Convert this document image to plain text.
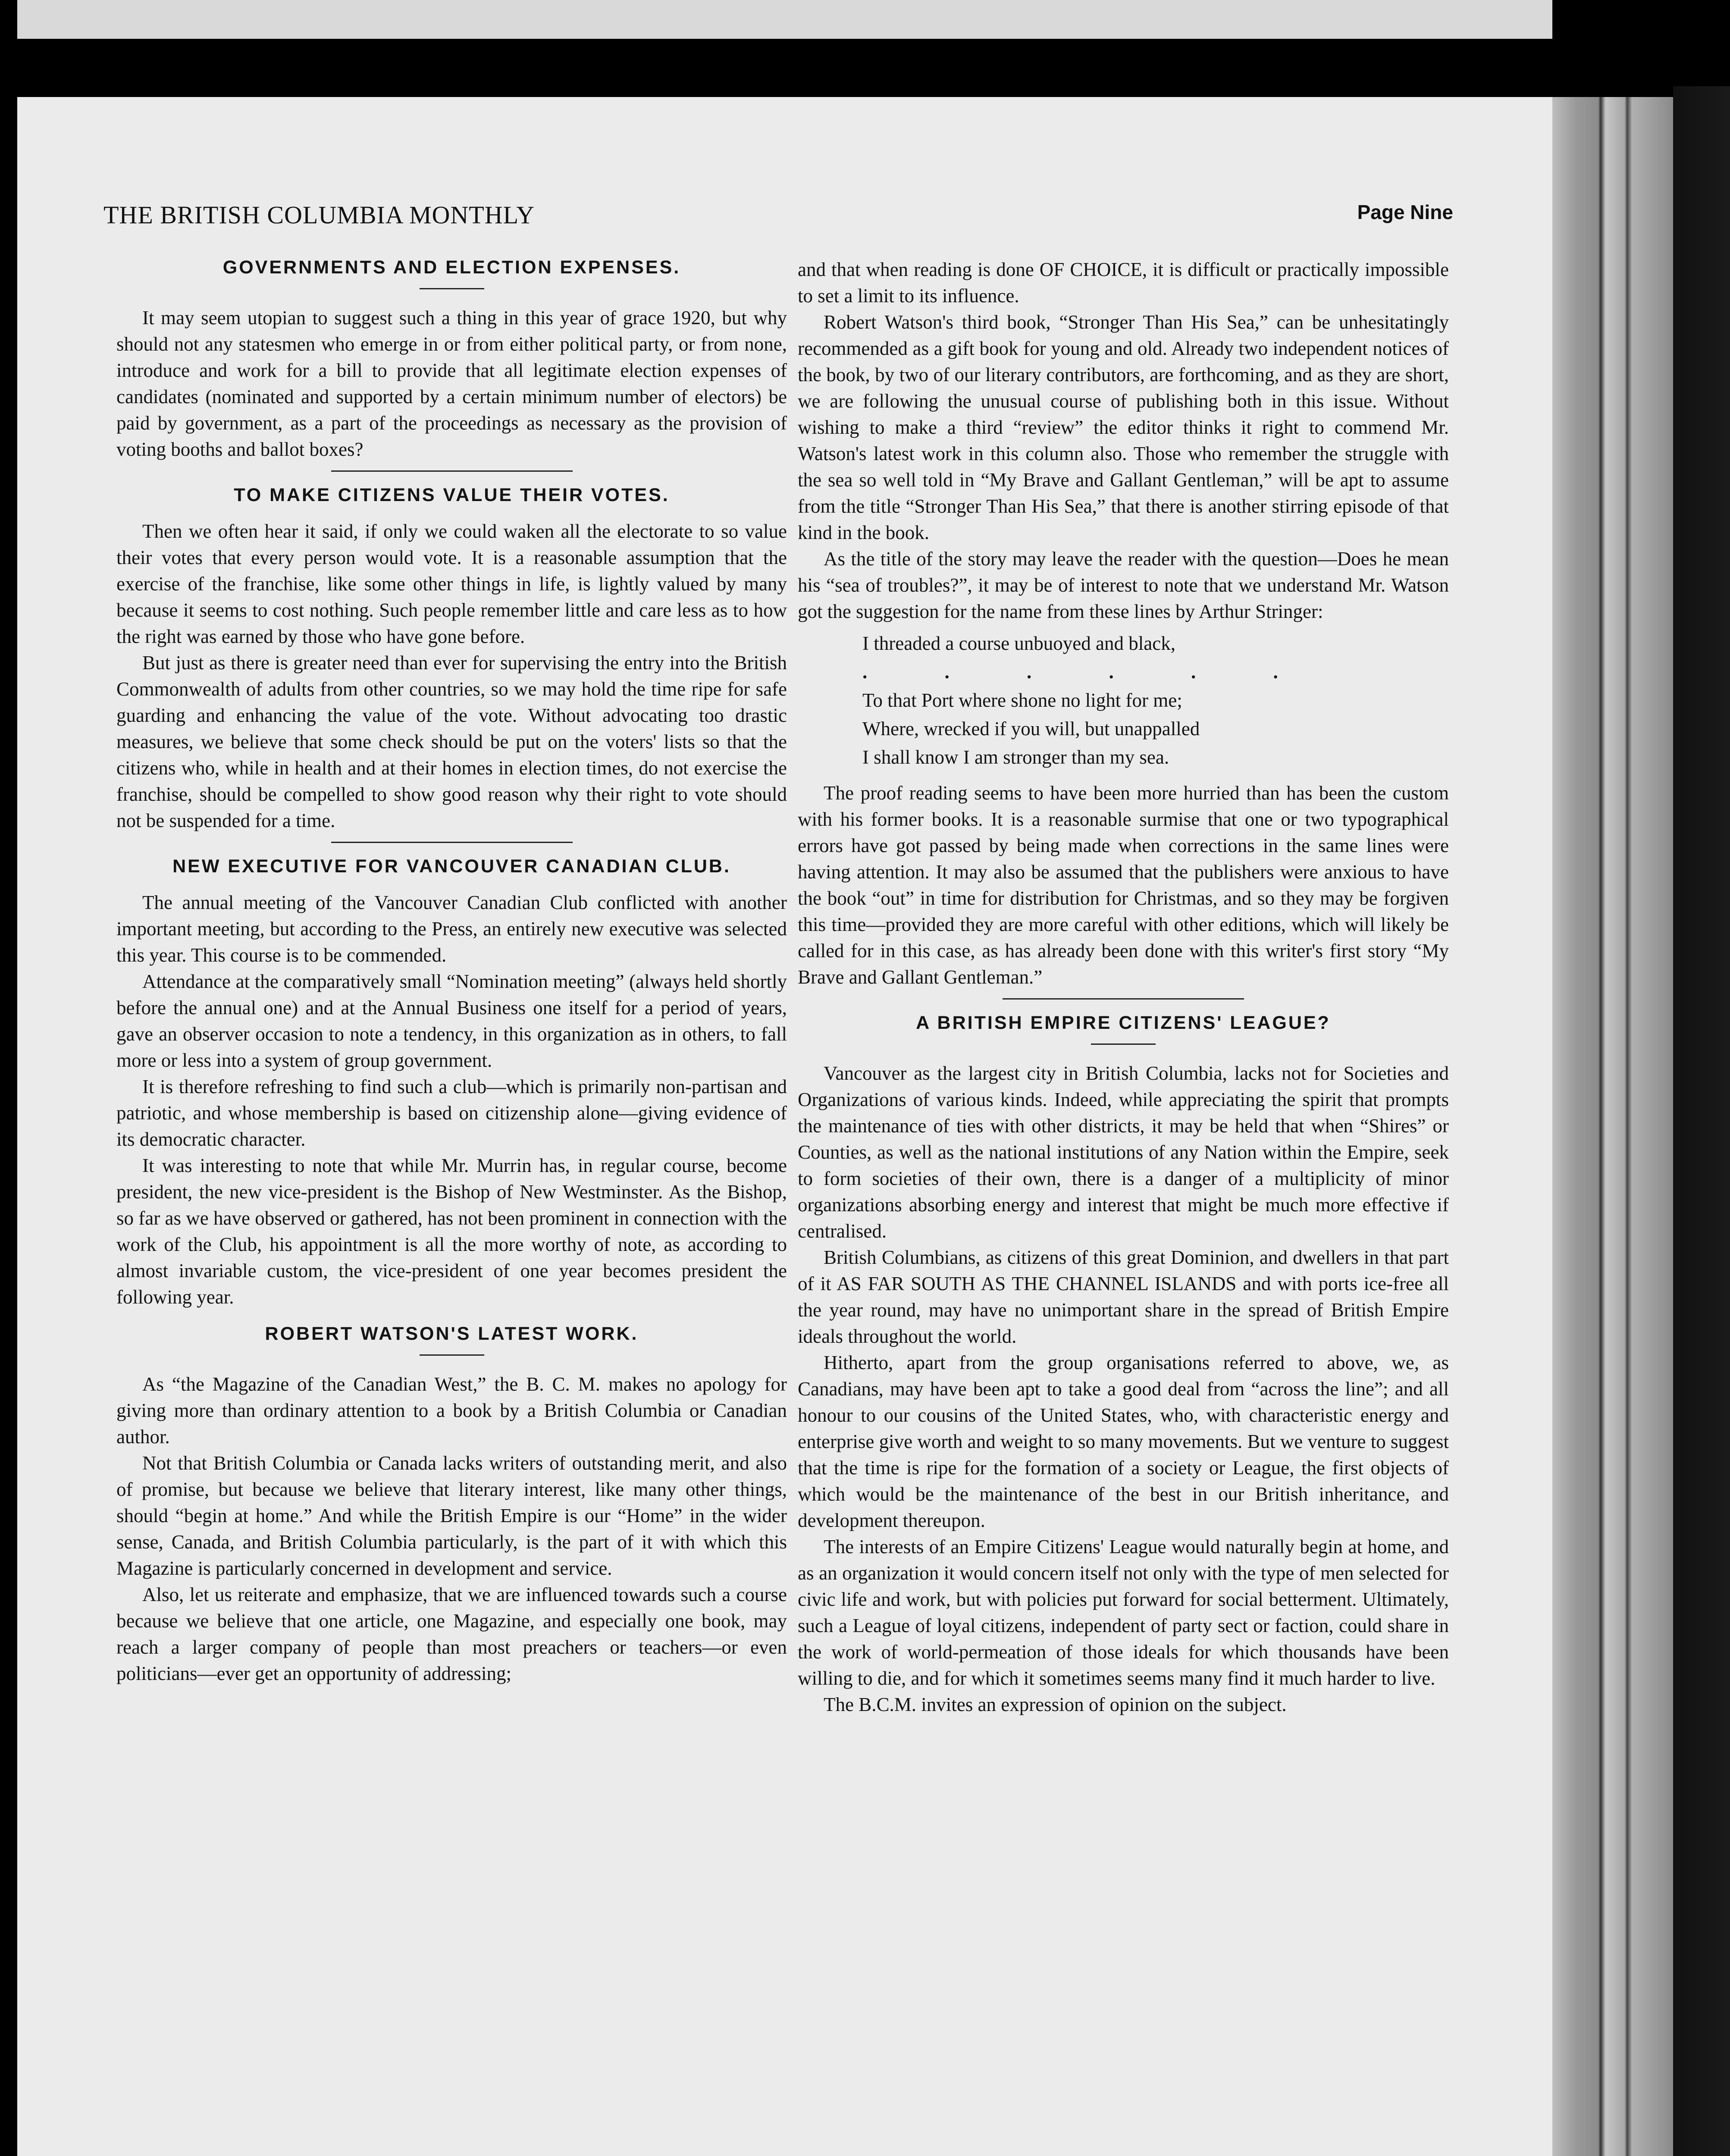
THE BRITISH COLUMBIA MONTHLY	Page Nine
GOVERNMENTS AND ELECTION EXPENSES.

It may seem utopian to suggest such a thing in this year of grace 1920, but why should not any statesmen who emerge in or from either political party, or from none, introduce and work for a bill to provide that all legitimate election expenses of candidates (nominated and supported by a certain minimum number of electors) be paid by government, as a part of the proceedings as necessary as the provision of voting booths and ballot boxes?

TO MAKE CITIZENS VALUE THEIR VOTES.

Then we often hear it said, if only we could waken all the electorate to so value their votes that every person would vote. It is a reasonable assumption that the exercise of the franchise, like some other things in life, is lightly valued by many because it seems to cost nothing. Such people remember little and care less as to how the right was earned by those who have gone before.

But just as there is greater need than ever for supervising the entry into the British Commonwealth of adults from other countries, so we may hold the time ripe for safe guarding and enhancing the value of the vote. Without advocating too drastic measures, we believe that some check should be put on the voters' lists so that the citizens who, while in health and at their homes in election times, do not exercise the franchise, should be compelled to show good reason why their right to vote should not be suspended for a time.

NEW EXECUTIVE FOR VANCOUVER CANADIAN CLUB.

The annual meeting of the Vancouver Canadian Club conflicted with another important meeting, but according to the Press, an entirely new executive was selected this year. This course is to be commended.

Attendance at the comparatively small “Nomination meeting” (always held shortly before the annual one) and at the Annual Business one itself for a period of years, gave an observer occasion to note a tendency, in this organization as in others, to fall more or less into a system of group government.

It is therefore refreshing to find such a club—which is primarily non-partisan and patriotic, and whose membership is based on citizenship alone—giving evidence of its democratic character.

It was interesting to note that while Mr. Murrin has, in regular course, become president, the new vice-president is the Bishop of New Westminster. As the Bishop, so far as we have observed or gathered, has not been prominent in connection with the work of the Club, his appointment is all the more worthy of note, as according to almost invariable custom, the vice-president of one year becomes president the following year.

ROBERT WATSON'S LATEST WORK.

As “the Magazine of the Canadian West,” the B. C. M. makes no apology for giving more than ordinary attention to a book by a British Columbia or Canadian author.

Not that British Columbia or Canada lacks writers of outstanding merit, and also of promise, but because we believe that literary interest, like many other things, should “begin at home.” And while the British Empire is our “Home” in the wider sense, Canada, and British Columbia particularly, is the part of it with which this Magazine is particularly concerned in development and service.

Also, let us reiterate and emphasize, that we are influenced towards such a course because we believe that one article, one Magazine, and especially one book, may reach a larger company of people than most preachers or teachers—or even politicians—ever get an opportunity of addressing;

and that when reading is done OF CHOICE, it is difficult or practically impossible to set a limit to its influence.

Robert Watson's third book, “Stronger Than His Sea,” can be unhesitatingly recommended as a gift book for young and old. Already two independent notices of the book, by two of our literary contributors, are forthcoming, and as they are short, we are following the unusual course of publishing both in this issue. Without wishing to make a third “review” the editor thinks it right to commend Mr. Watson's latest work in this column also. Those who remember the struggle with the sea so well told in “My Brave and Gallant Gentleman,” will be apt to assume from the title “Stronger Than His Sea,” that there is another stirring episode of that kind in the book.

As the title of the story may leave the reader with the question—Does he mean his “sea of troubles?”, it may be of interest to note that we understand Mr. Watson got the suggestion for the name from these lines by Arthur Stringer:

I threaded a course unbuoyed and black,
. . . . . .
To that Port where shone no light for me;
Where, wrecked if you will, but unappalled
I shall know I am stronger than my sea.

The proof reading seems to have been more hurried than has been the custom with his former books. It is a reasonable surmise that one or two typographical errors have got passed by being made when corrections in the same lines were having attention. It may also be assumed that the publishers were anxious to have the book “out” in time for distribution for Christmas, and so they may be forgiven this time—provided they are more careful with other editions, which will likely be called for in this case, as has already been done with this writer's first story “My Brave and Gallant Gentleman.”

A BRITISH EMPIRE CITIZENS' LEAGUE?

Vancouver as the largest city in British Columbia, lacks not for Societies and Organizations of various kinds. Indeed, while appreciating the spirit that prompts the maintenance of ties with other districts, it may be held that when “Shires” or Counties, as well as the national institutions of any Nation within the Empire, seek to form societies of their own, there is a danger of a multiplicity of minor organizations absorbing energy and interest that might be much more effective if centralised.

British Columbians, as citizens of this great Dominion, and dwellers in that part of it AS FAR SOUTH AS THE CHANNEL ISLANDS and with ports ice-free all the year round, may have no unimportant share in the spread of British Empire ideals throughout the world.

Hitherto, apart from the group organisations referred to above, we, as Canadians, may have been apt to take a good deal from “across the line”; and all honour to our cousins of the United States, who, with characteristic energy and enterprise give worth and weight to so many movements. But we venture to suggest that the time is ripe for the formation of a society or League, the first objects of which would be the maintenance of the best in our British inheritance, and development thereupon.

The interests of an Empire Citizens' League would naturally begin at home, and as an organization it would concern itself not only with the type of men selected for civic life and work, but with policies put forward for social betterment. Ultimately, such a League of loyal citizens, independent of party sect or faction, could share in the work of world-permeation of those ideals for which thousands have been willing to die, and for which it sometimes seems many find it much harder to live.

The B.C.M. invites an expression of opinion on the subject.
